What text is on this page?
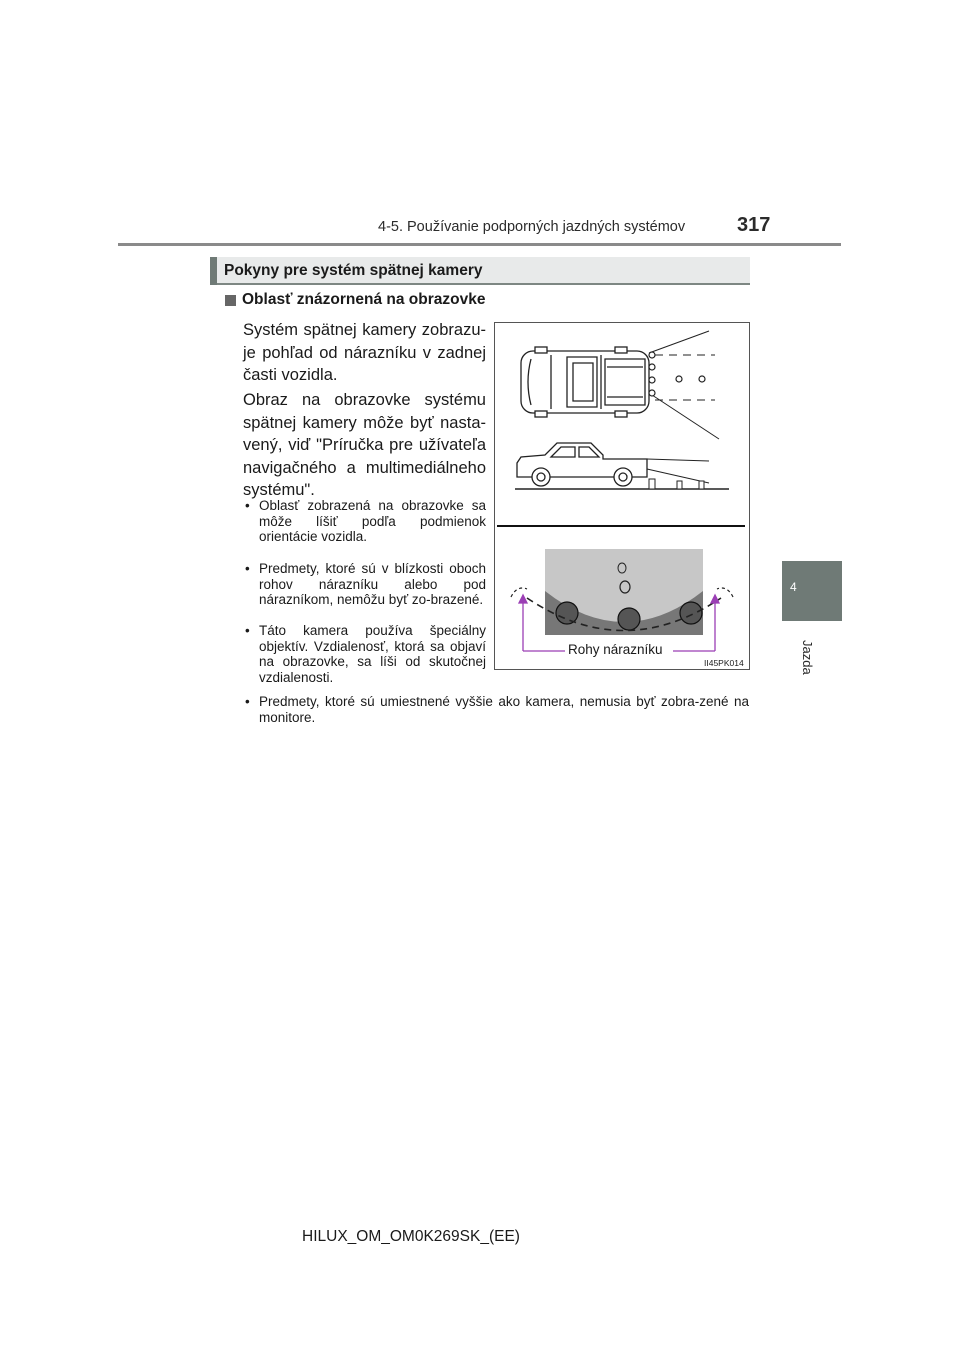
4-5. Používanie podporných jazdných systémov	317
4
Jazda
Pokyny pre systém spätnej kamery
Oblasť znázornená na obrazovke
Systém spätnej kamery zobrazu-je pohľad od nárazníku v zadnej časti vozidla.
Obraz na obrazovke systému spätnej kamery môže byť nasta-vený, viď "Príručka pre užívateľa navigačného a multimediálneho systému".
• Oblasť zobrazená na obrazovke sa môže líšiť podľa podmienok orientácie vozidla.
• Predmety, ktoré sú v blízkosti oboch rohov nárazníku alebo pod nárazníkom, nemôžu byť zo-brazené.
• Táto kamera používa špeciálny objektív. Vzdialenosť, ktorá sa objaví na obrazovke, sa líši od skutočnej vzdialenosti.
• Predmety, ktoré sú umiestnené vyššie ako kamera, nemusia byť zobra-zené na monitore.
Rohy nárazníku
II45PK014
HILUX_OM_OM0K269SK_(EE)
